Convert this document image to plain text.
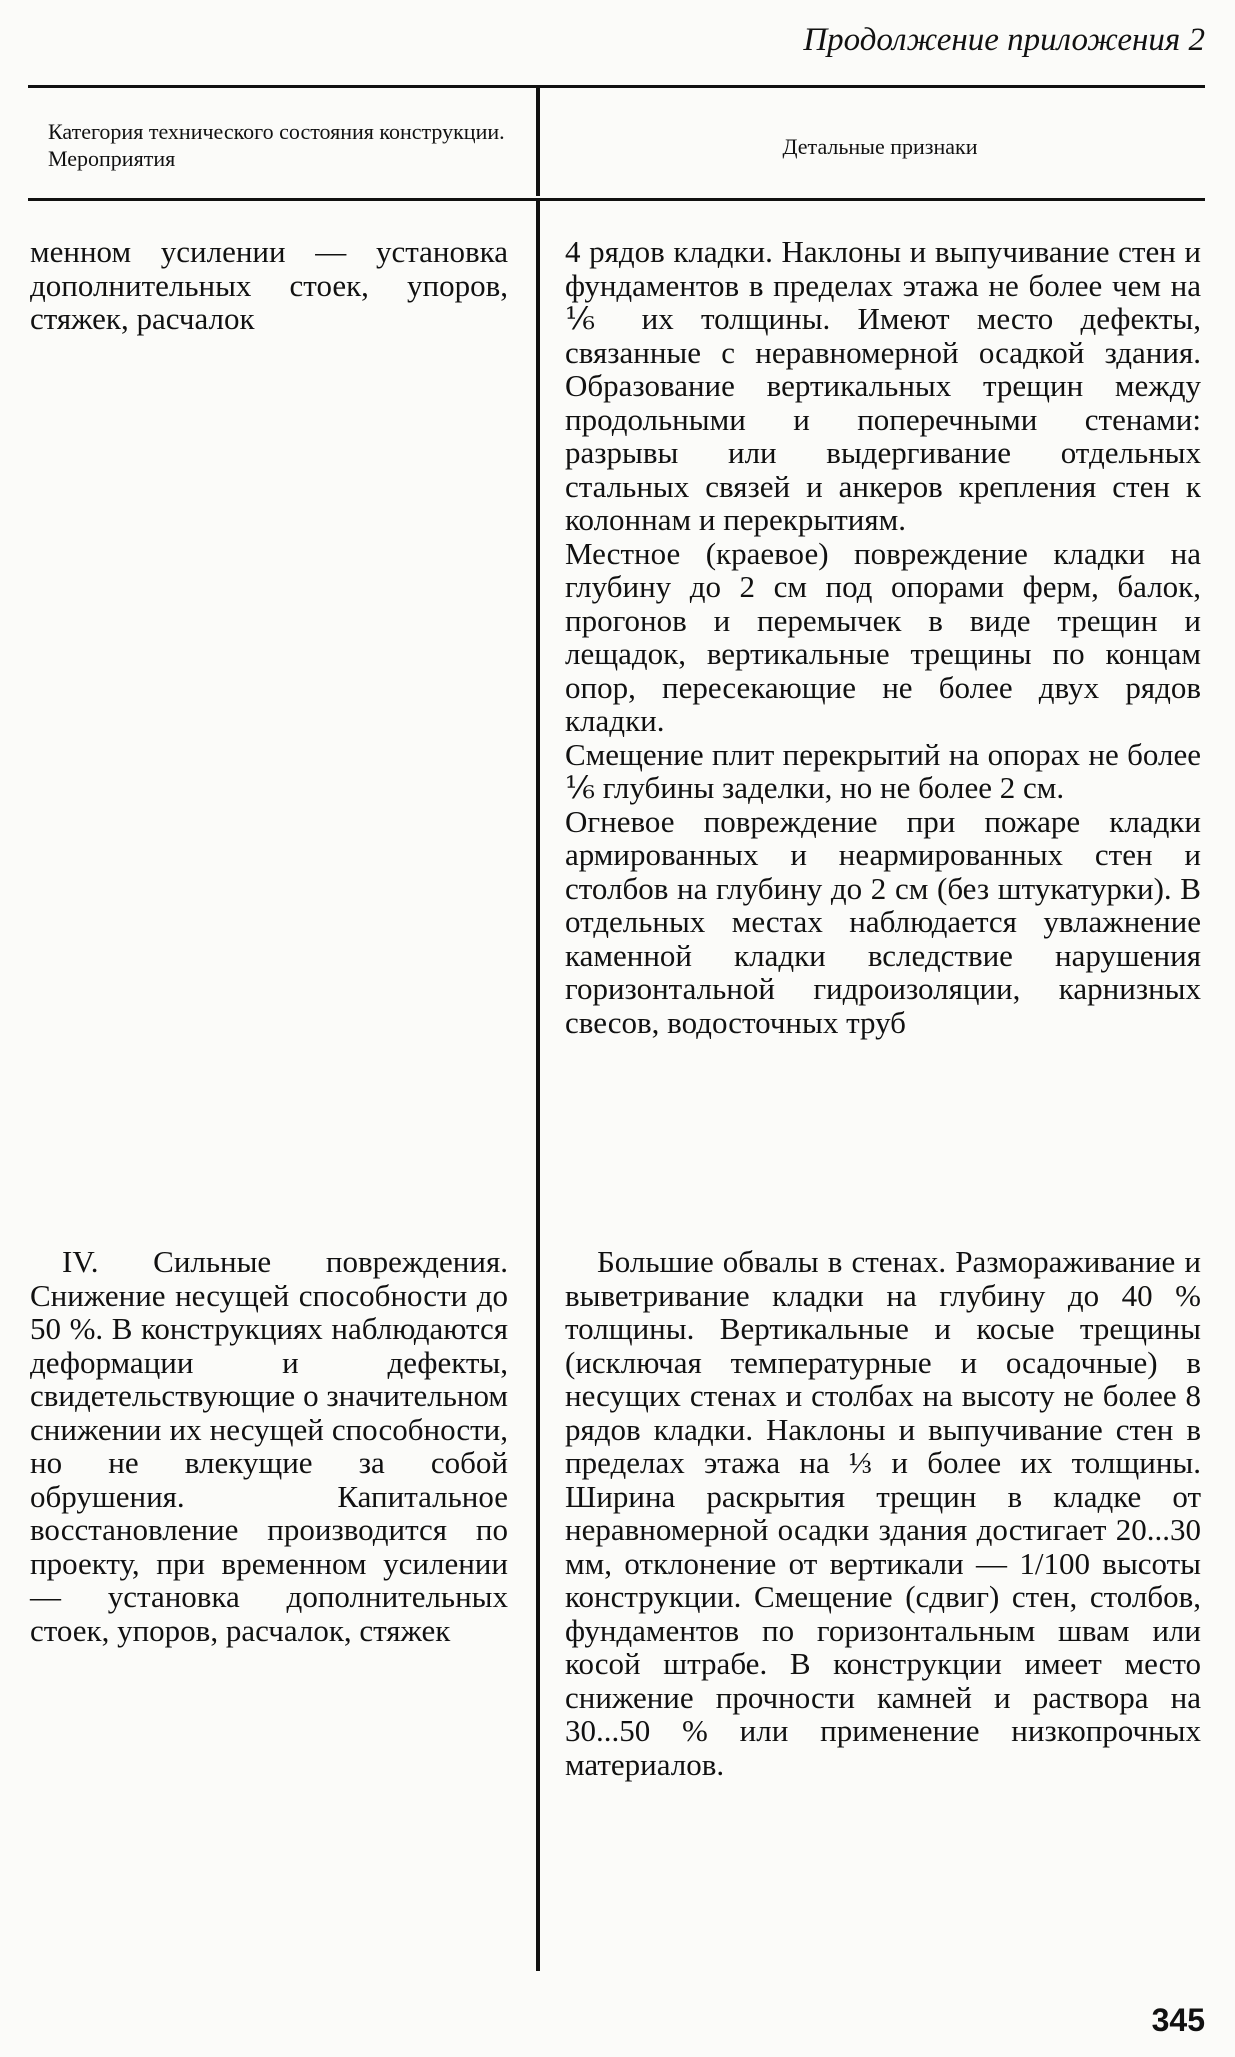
Продолжение приложения 2
Категория технического состояния конструкции. Мероприятия	Детальные признаки

менном усилении — установка дополнительных стоек, упоров, стяжек, расчалок

IV. Сильные повреждения. Снижение несущей способности до 50 %. В конструкциях наблюдаются деформации и дефекты, свидетельствующие о значительном снижении их несущей способности, но не влекущие за собой обрушения. Капитальное восстановление производится по проекту, при временном усилении — установка дополнительных стоек, упоров, расчалок, стяжек

4 рядов кладки. Наклоны и выпучивание стен и фундаментов в пределах этажа не более чем на ⅙ их толщины. Имеют место дефекты, связанные с неравномерной осадкой здания. Образование вертикальных трещин между продольными и поперечными стенами: разрывы или выдергивание отдельных стальных связей и анкеров крепления стен к колоннам и перекрытиям.

Местное (краевое) повреждение кладки на глубину до 2 см под опорами ферм, балок, прогонов и перемычек в виде трещин и лещадок, вертикальные трещины по концам опор, пересекающие не более двух рядов кладки.

Смещение плит перекрытий на опорах не более ⅙ глубины заделки, но не более 2 см.

Огневое повреждение при пожаре кладки армированных и неармированных стен и столбов на глубину до 2 см (без штукатурки). В отдельных местах наблюдается увлажнение каменной кладки вследствие нарушения горизонтальной гидроизоляции, карнизных свесов, водосточных труб

Большие обвалы в стенах. Размораживание и выветривание кладки на глубину до 40 % толщины. Вертикальные и косые трещины (исключая температурные и осадочные) в несущих стенах и столбах на высоту не более 8 рядов кладки. Наклоны и выпучивание стен в пределах этажа на ⅓ и более их толщины. Ширина раскрытия трещин в кладке от неравномерной осадки здания достигает 20...30 мм, отклонение от вертикали — 1/100 высоты конструкции. Смещение (сдвиг) стен, столбов, фундаментов по горизонтальным швам или косой штрабе. В конструкции имеет место снижение прочности камней и раствора на 30...50 % или применение низкопрочных материалов.

345
